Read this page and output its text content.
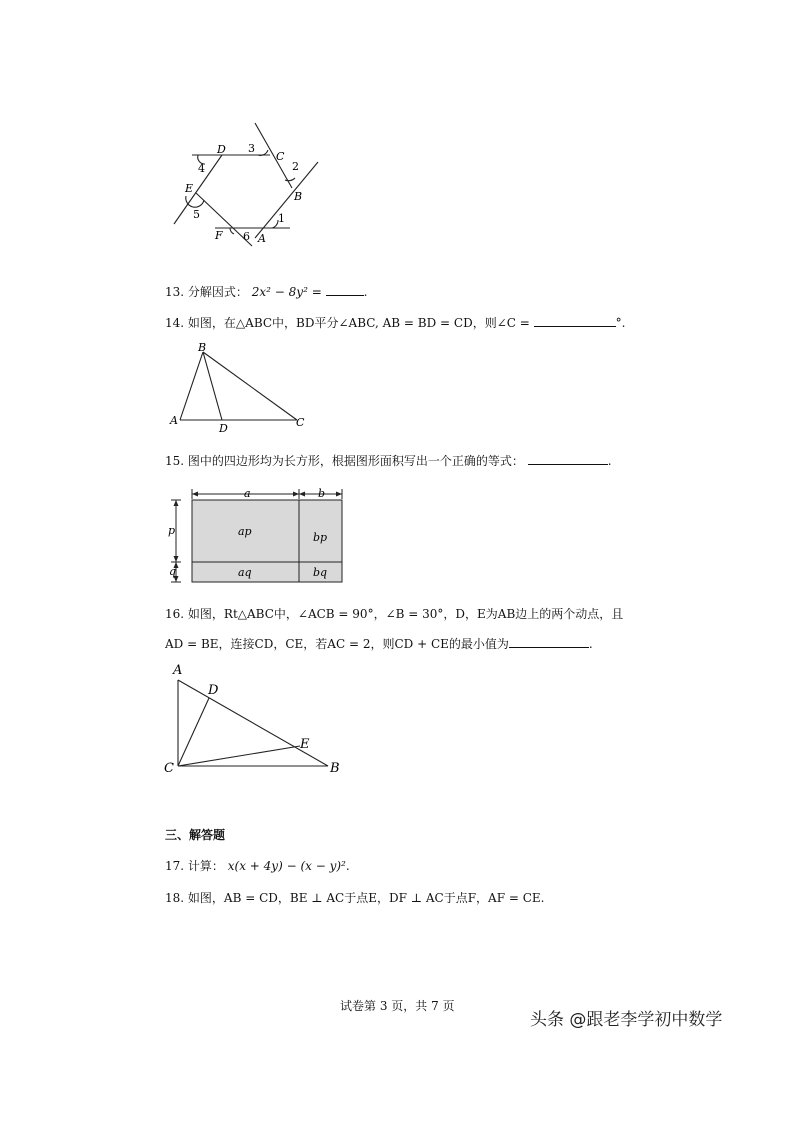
D
C
B
E
F	A
1
2
3
4
5
6
13. 分解因式： 2x² − 8y² =	.
14. 如图，在△ABC中，BD平分∠ABC, AB = BD = CD，则∠C =	°.
B
A
D	C
15. 图中的四边形均为长方形，根据图形面积写出一个正确的等式：	.
a	b
p
q
ap	bp
aq	bq
16. 如图，Rt△ABC中，∠ACB = 90°，∠B = 30°，D，E为AB边上的两个动点，且
AD = BE，连接CD，CE，若AC = 2，则CD + CE的最小值为	.
A
D
E
C	B
三、解答题
17. 计算： x(x + 4y) − (x − y)².
18. 如图，AB = CD，BE ⊥ AC于点E，DF ⊥ AC于点F，AF = CE.
试卷第 3 页，共 7 页
头条 @跟老李学初中数学
